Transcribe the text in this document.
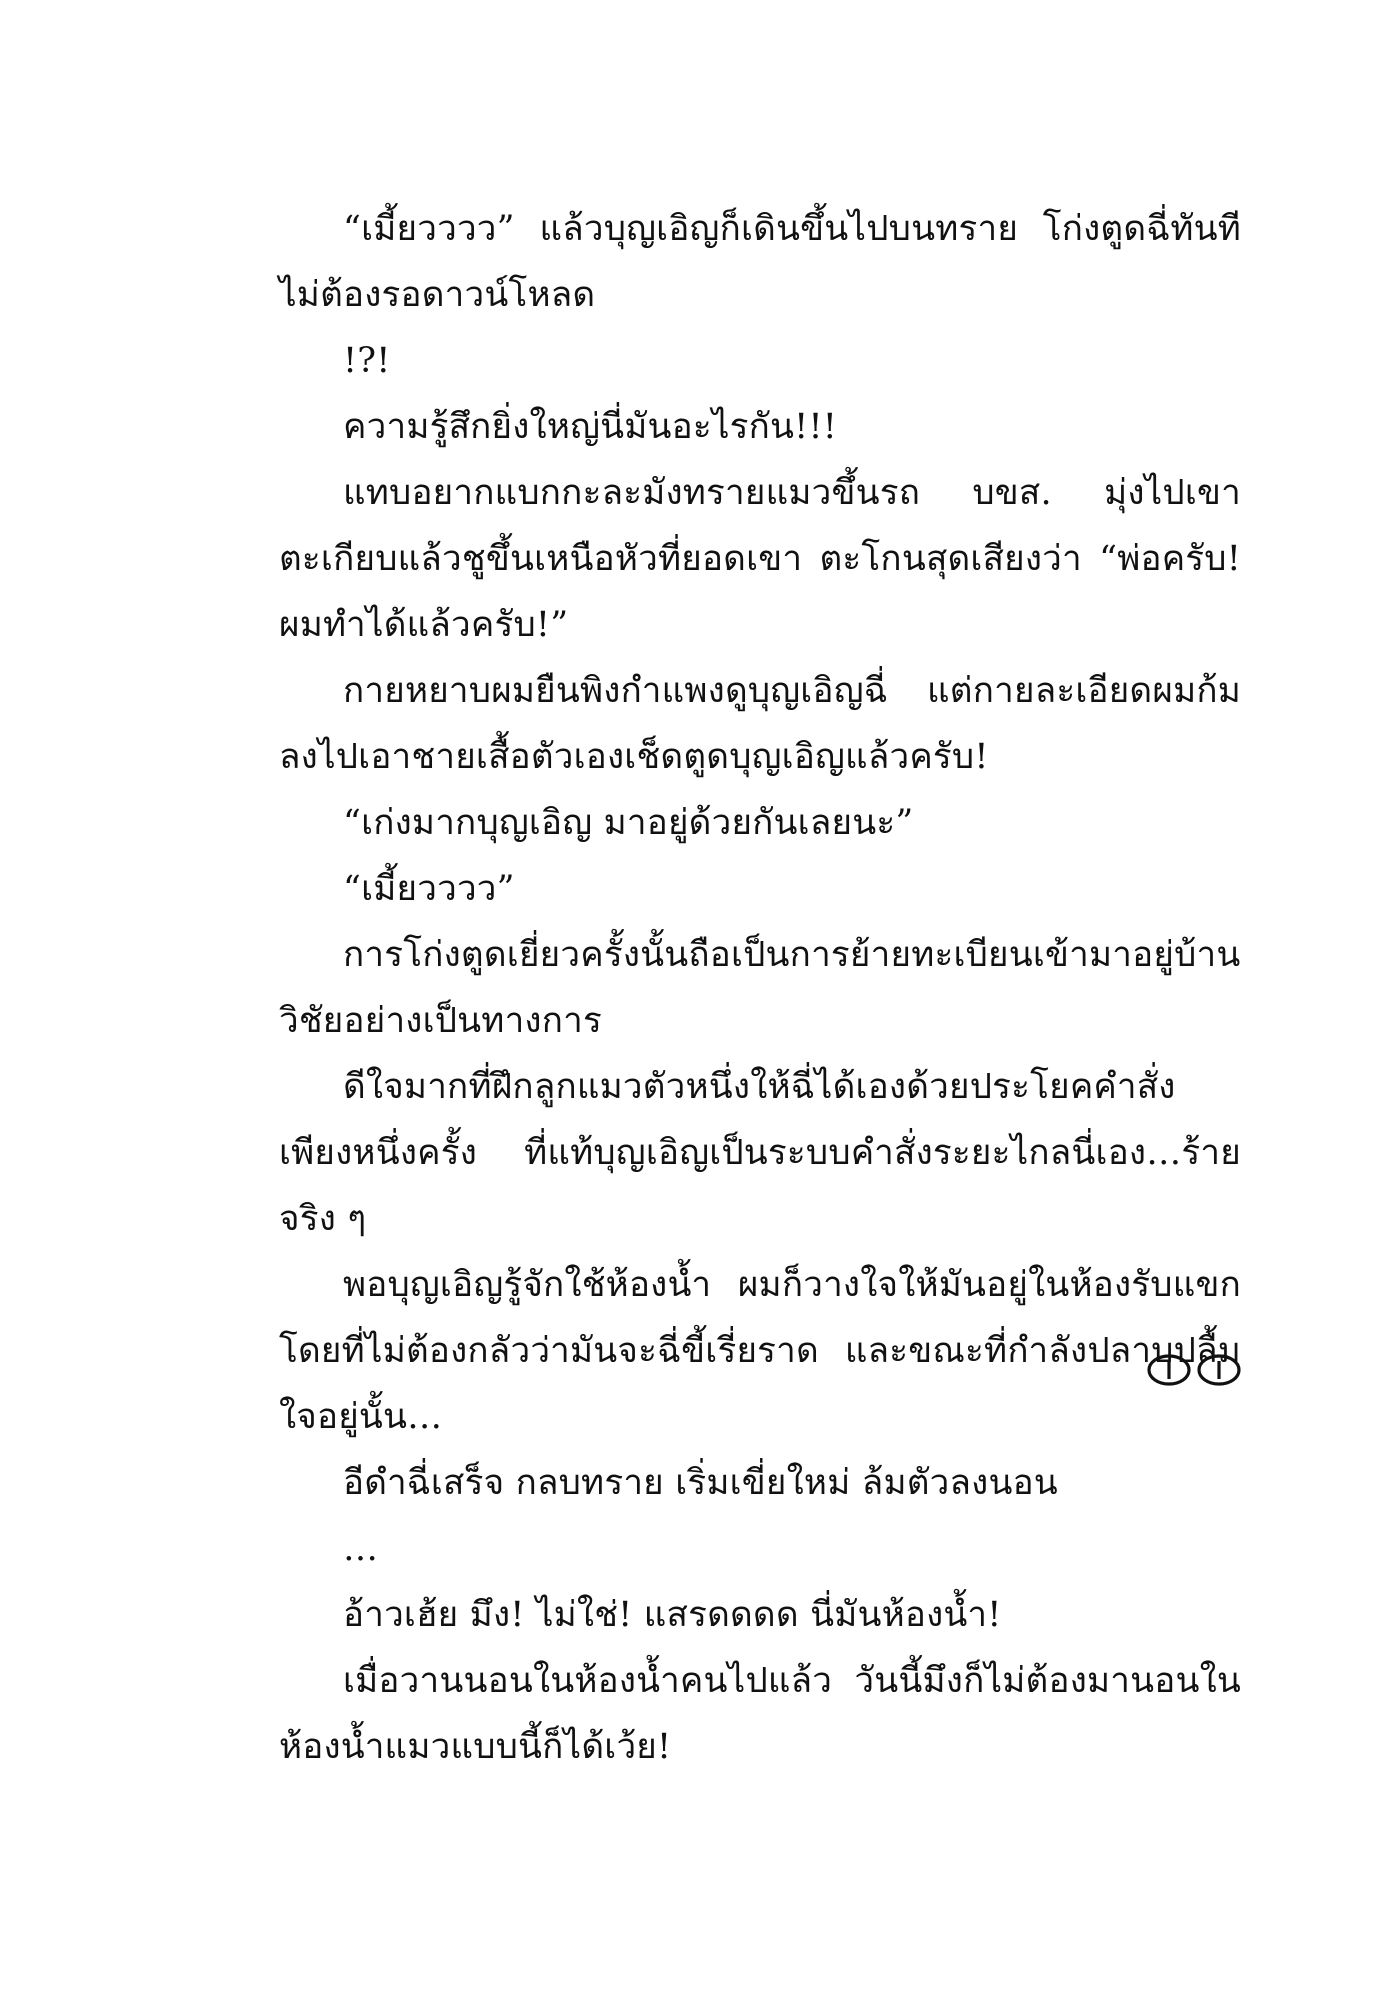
“เมี้ยวววว” แล้วบุญเอิญก็เดินขึ้นไปบนทราย โก่งตูดฉี่ทันทีไม่ต้องรอดาวน์โหลด

!?!

ความรู้สึกยิ่งใหญ่นี่มันอะไรกัน!!!

แทบอยากแบกกะละมังทรายแมวขึ้นรถ บขส. มุ่งไปเขาตะเกียบแล้วชูขึ้นเหนือหัวที่ยอดเขา ตะโกนสุดเสียงว่า “พ่อครับ! ผมทำได้แล้วครับ!”

กายหยาบผมยืนพิงกำแพงดูบุญเอิญฉี่ แต่กายละเอียดผมก้มลงไปเอาชายเสื้อตัวเองเช็ดตูดบุญเอิญแล้วครับ!

“เก่งมากบุญเอิญ มาอยู่ด้วยกันเลยนะ”

“เมี้ยวววว”

การโก่งตูดเยี่ยวครั้งนั้นถือเป็นการย้ายทะเบียนเข้ามาอยู่บ้านวิชัยอย่างเป็นทางการ

ดีใจมากที่ฝึกลูกแมวตัวหนึ่งให้ฉี่ได้เองด้วยประโยคคำสั่งเพียงหนึ่งครั้ง ที่แท้บุญเอิญเป็นระบบคำสั่งระยะไกลนี่เอง…ร้ายจริง ๆ

พอบุญเอิญรู้จักใช้ห้องน้ำ ผมก็วางใจให้มันอยู่ในห้องรับแขกโดยที่ไม่ต้องกลัวว่ามันจะฉี่ขี้เรี่ยราด และขณะที่กำลังปลาบปลื้มใจอยู่นั้น…

อีดำฉี่เสร็จ กลบทราย เริ่มเขี่ยใหม่ ล้มตัวลงนอน

…

อ้าวเฮ้ย มึง! ไม่ใช่! แสรดดดด นี่มันห้องน้ำ!

เมื่อวานนอนในห้องน้ำคนไปแล้ว วันนี้มึงก็ไม่ต้องมานอนในห้องน้ำแมวแบบนี้ก็ได้เว้ย!
